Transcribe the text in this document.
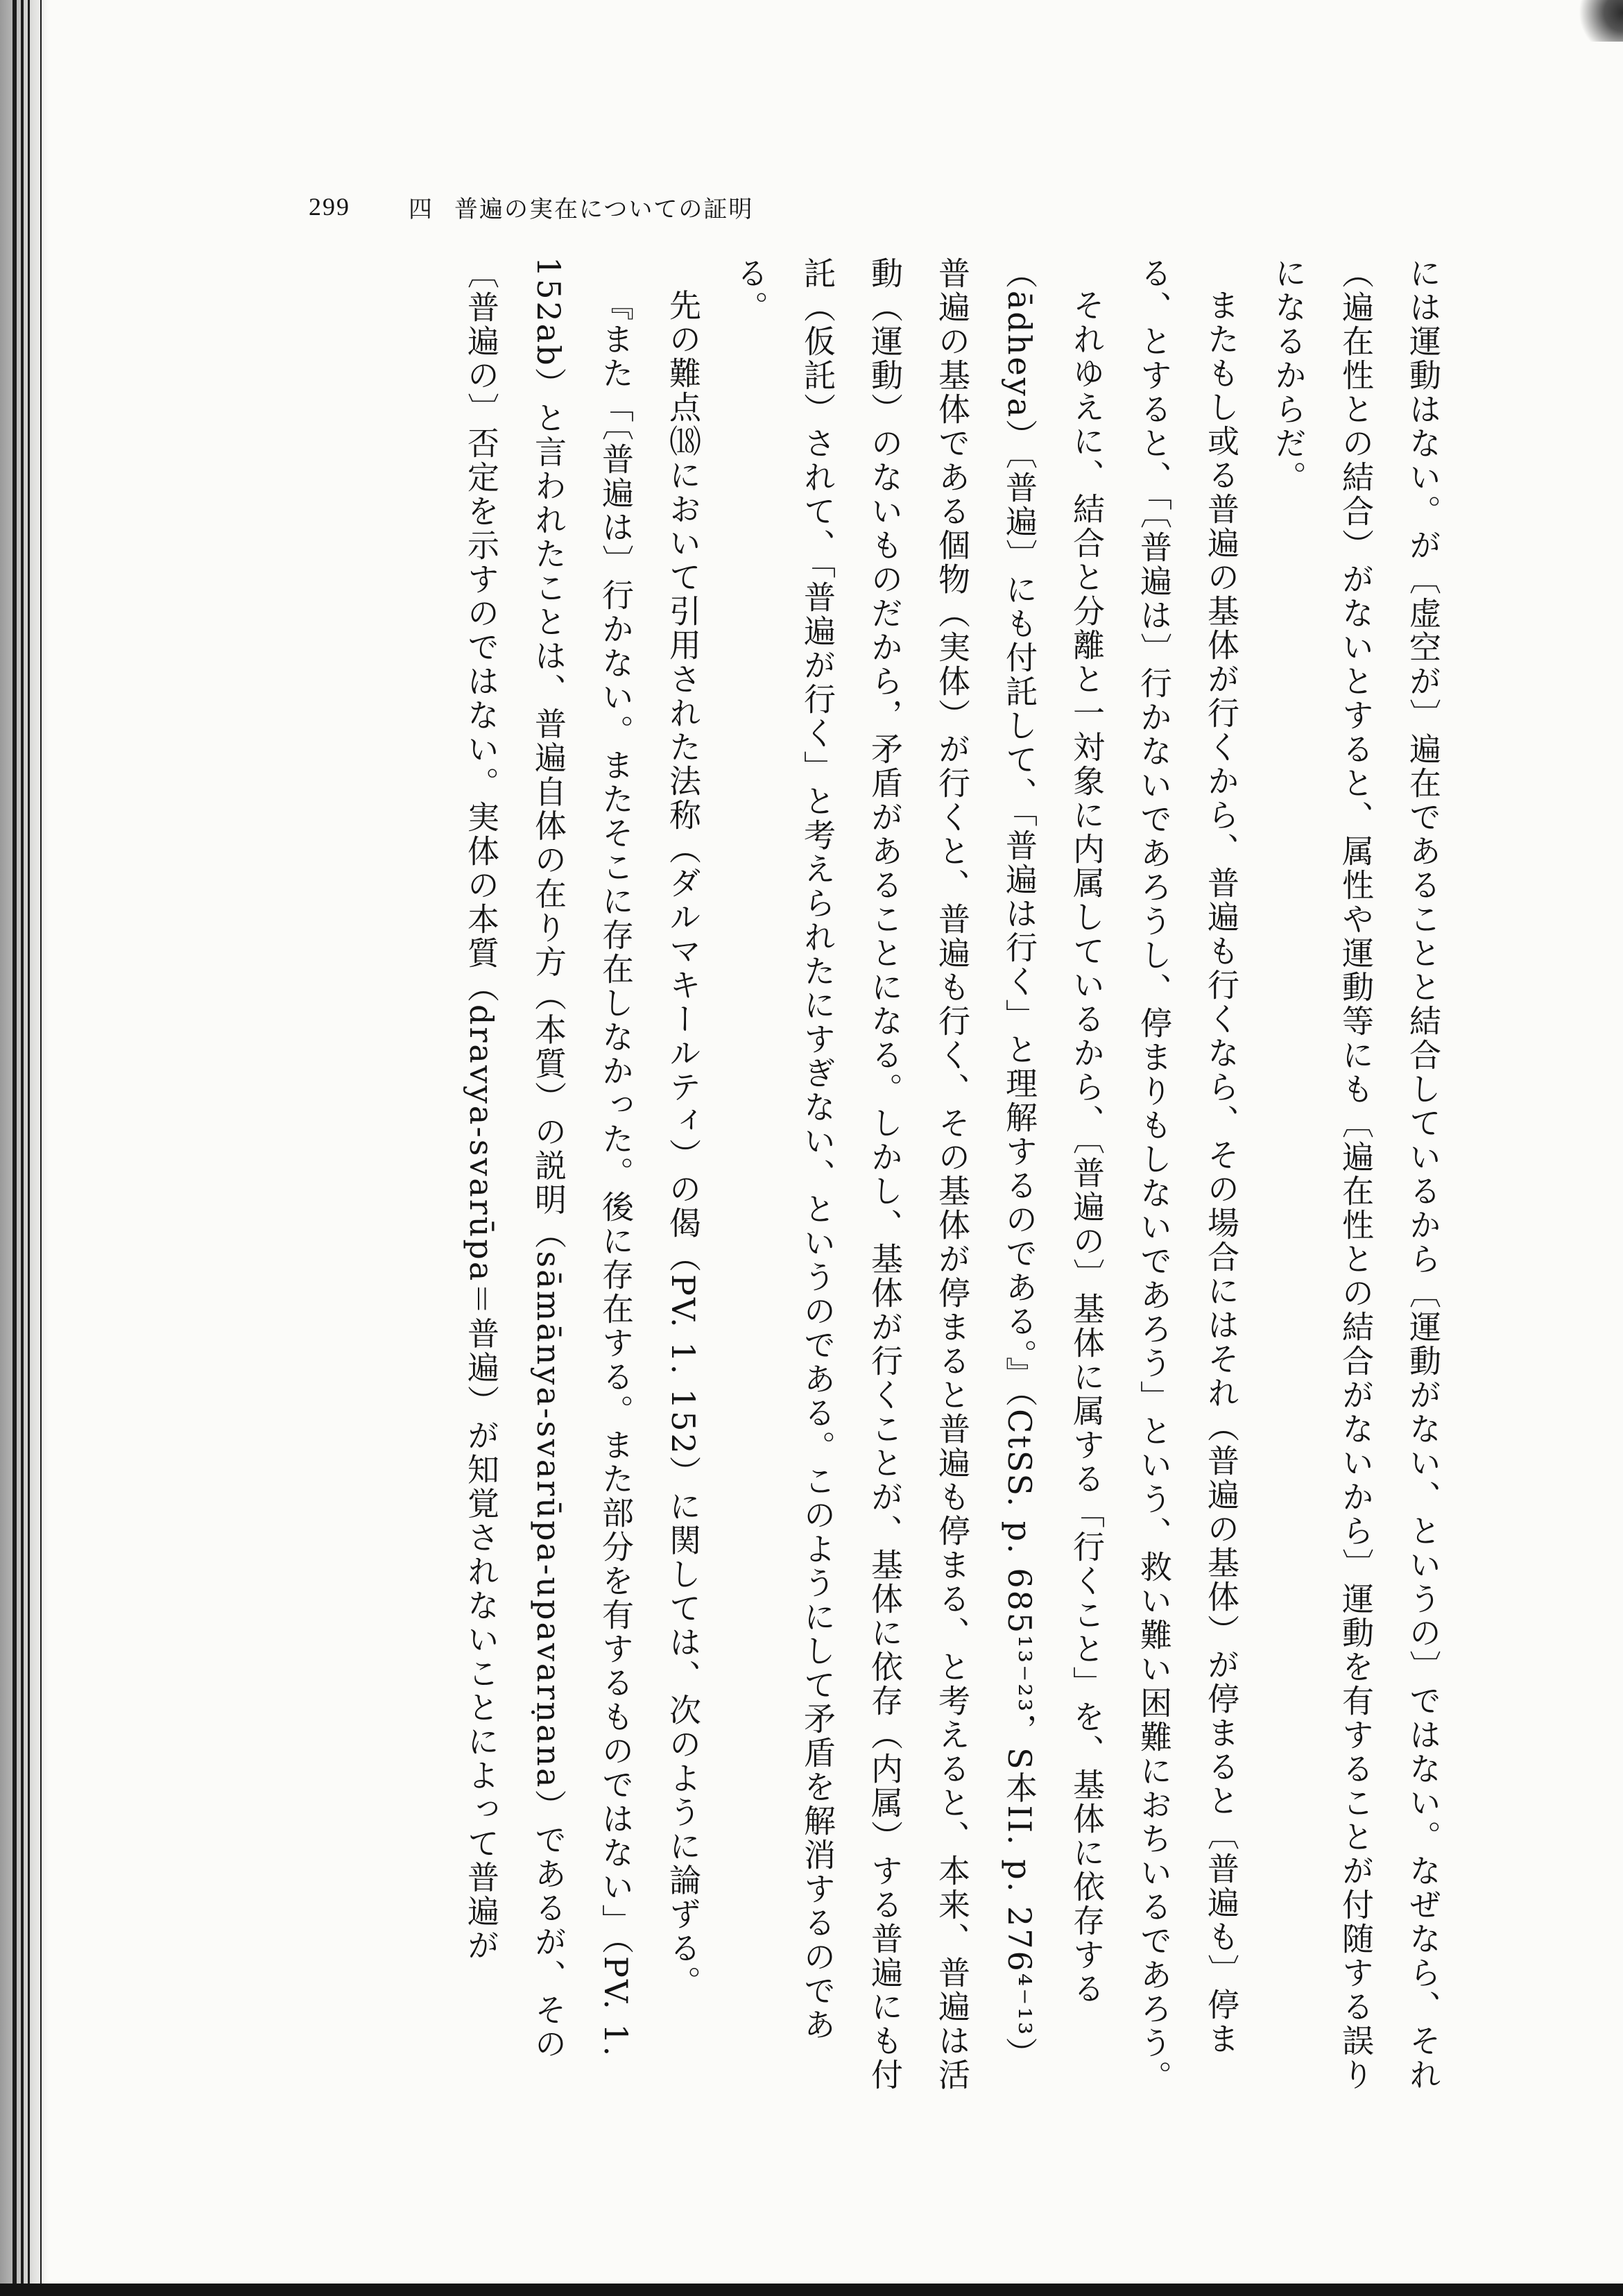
299 四 普遍の実在についての証明

には運動はない。が〔虚空が〕遍在であることと結合しているから〔運動がない、というの〕ではない。なぜなら、それ（遍在性との結合）がないとすると、属性や運動等にも〔遍在性との結合がないから〕運動を有することが付随する誤りになるからだ。

またもし或る普遍の基体が行くから、普遍も行くなら、その場合にはそれ（普遍の基体）が停まると〔普遍も〕停まる、とすると、「〔普遍は〕行かないであろうし、停まりもしないであろう」という、救い難い困難におちいるであろう。

それゆえに、結合と分離と一対象に内属しているから、〔普遍の〕基体に属する「行くこと」を、基体に依存する（ādheya）〔普遍〕にも付託して、「普遍は行く」と理解するのである。』（CtSS. p. 685¹³⁻²³，S本II. p. 276⁴⁻¹³）

普遍の基体である個物（実体）が行くと、普遍も行く、その基体が停まると普遍も停まる、と考えると、本来、普遍は活動（運動）のないものだから，矛盾があることになる。しかし、基体が行くことが、基体に依存（内属）する普遍にも付託（仮託）されて、「普遍が行く」と考えられたにすぎない、というのである。このようにして矛盾を解消するのである。

先の難点⒅において引用された法称（ダルマキールティ）の偈（PV. 1. 152）に関しては、次のように論ずる。

『また「〔普遍は〕行かない。またそこに存在しなかった。後に存在する。また部分を有するものではない」（PV. 1. 152ab）と言われたことは、普遍自体の在り方（本質）の説明（sāmānya-svarūpa-upavarṇana）であるが、その〔普遍の〕否定を示すのではない。実体の本質（dravya-svarūpa＝普遍）が知覚されないことによって普遍が
